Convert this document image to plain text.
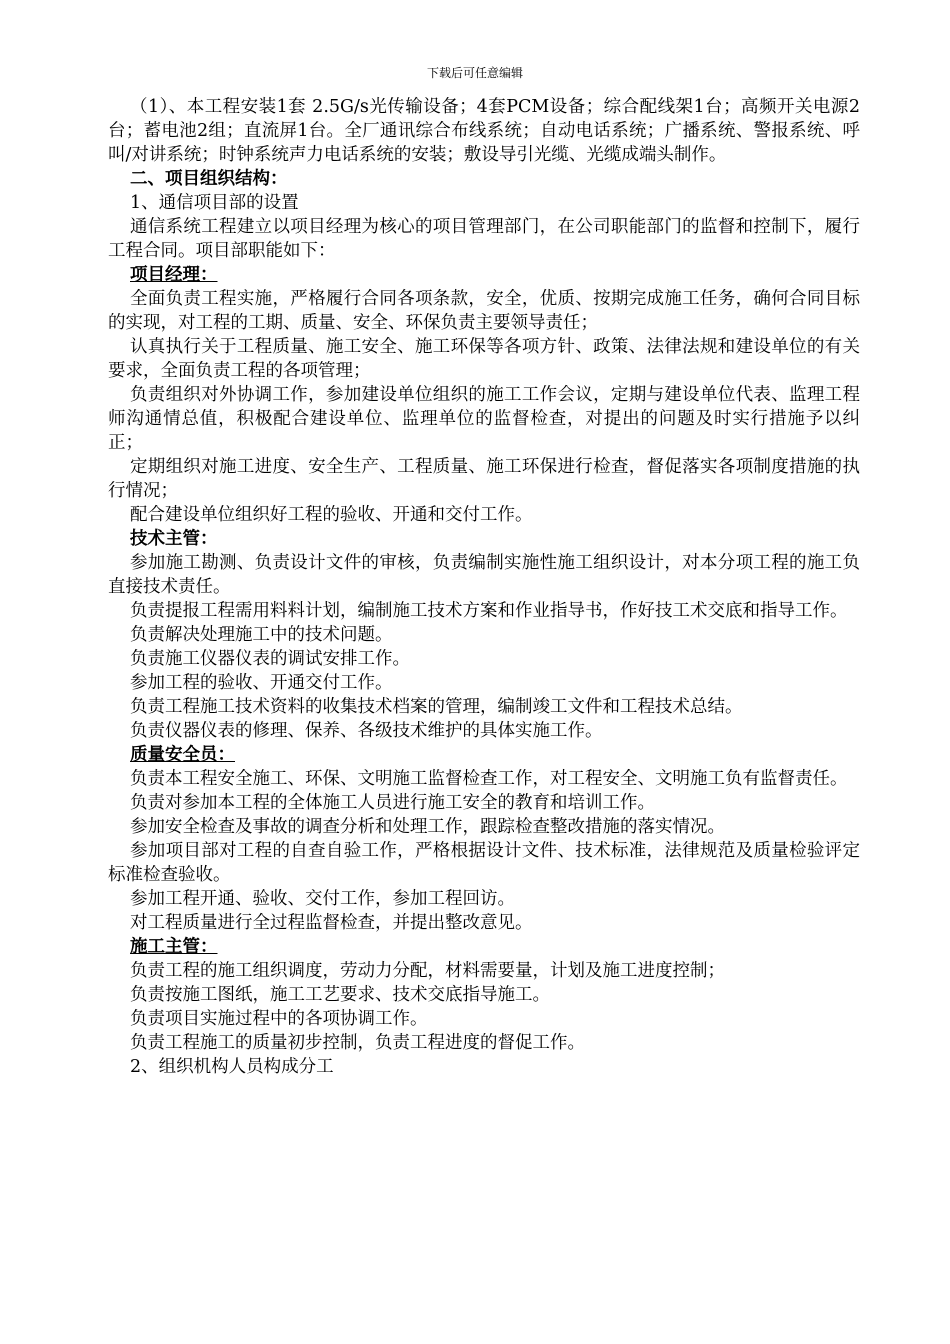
下载后可任意编辑

（1）、本工程安装1套 2.5G/s光传输设备；4套PCM设备；综合配线架1台；高频开关电源2台；蓄电池2组；直流屏1台。全厂通讯综合布线系统；自动电话系统；广播系统、警报系统、呼叫/对讲系统；时钟系统声力电话系统的安装；敷设导引光缆、光缆成端头制作。

二、项目组织结构：

1、通信项目部的设置

通信系统工程建立以项目经理为核心的项目管理部门，在公司职能部门的监督和控制下，履行工程合同。项目部职能如下：

项目经理：

全面负责工程实施，严格履行合同各项条款，安全，优质、按期完成施工任务，确何合同目标的实现，对工程的工期、质量、安全、环保负责主要领导责任；

认真执行关于工程质量、施工安全、施工环保等各项方针、政策、法律法规和建设单位的有关要求，全面负责工程的各项管理；

负责组织对外协调工作，参加建设单位组织的施工工作会议，定期与建设单位代表、监理工程师沟通情总值，积极配合建设单位、监理单位的监督检查，对提出的问题及时实行措施予以纠正；

定期组织对施工进度、安全生产、工程质量、施工环保进行检查，督促落实各项制度措施的执行情况；

配合建设单位组织好工程的验收、开通和交付工作。

技术主管：

参加施工勘测、负责设计文件的审核，负责编制实施性施工组织设计，对本分项工程的施工负直接技术责任。

负责提报工程需用料料计划，编制施工技术方案和作业指导书，作好技工术交底和指导工作。

负责解决处理施工中的技术问题。

负责施工仪器仪表的调试安排工作。

参加工程的验收、开通交付工作。

负责工程施工技术资料的收集技术档案的管理，编制竣工文件和工程技术总结。

负责仪器仪表的修理、保养、各级技术维护的具体实施工作。

质量安全员：

负责本工程安全施工、环保、文明施工监督检查工作，对工程安全、文明施工负有监督责任。

负责对参加本工程的全体施工人员进行施工安全的教育和培训工作。

参加安全检查及事故的调查分析和处理工作，跟踪检查整改措施的落实情况。

参加项目部对工程的自查自验工作，严格根据设计文件、技术标准，法律规范及质量检验评定标准检查验收。

参加工程开通、验收、交付工作，参加工程回访。

对工程质量进行全过程监督检查，并提出整改意见。

施工主管：

负责工程的施工组织调度，劳动力分配，材料需要量，计划及施工进度控制；

负责按施工图纸，施工工艺要求、技术交底指导施工。

负责项目实施过程中的各项协调工作。

负责工程施工的质量初步控制，负责工程进度的督促工作。

2、组织机构人员构成分工
